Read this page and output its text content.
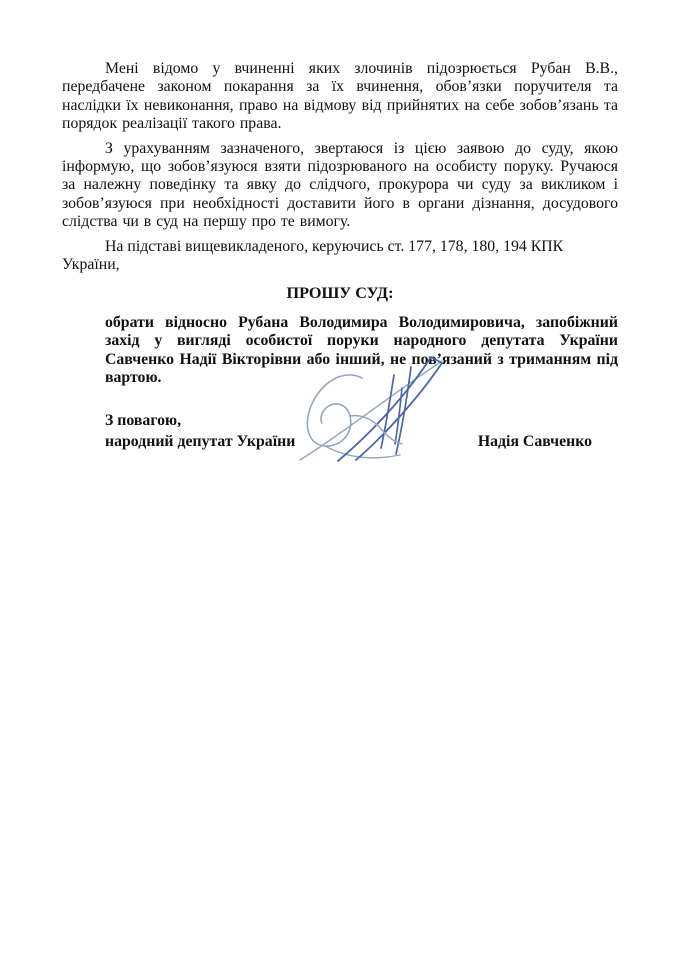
Мені відомо у вчиненні яких злочинів підозрюється Рубан В.В., передбачене законом покарання за їх вчинення, обов’язки поручителя та наслідки їх невиконання, право на відмову від прийнятих на себе зобов’язань та порядок реалізації такого права.

З урахуванням зазначеного, звертаюся із цією заявою до суду, якою інформую, що зобов’язуюся взяти підозрюваного на особисту поруку. Ручаюся за належну поведінку та явку до слідчого, прокурора чи суду за викликом і зобов’язуюся при необхідності доставити його в органи дізнання, досудового слідства чи в суд на першу про те вимогу.

На підставі вищевикладеного, керуючись ст. 177, 178, 180, 194 КПК України,

ПРОШУ СУД:

обрати відносно Рубана Володимира Володимировича, запобіжний захід у вигляді особистої поруки народного депутата України Савченко Надії Вікторівни або інший, не пов’язаний з триманням під вартою.

З повагою,
народний депутат України	Надія Савченко
